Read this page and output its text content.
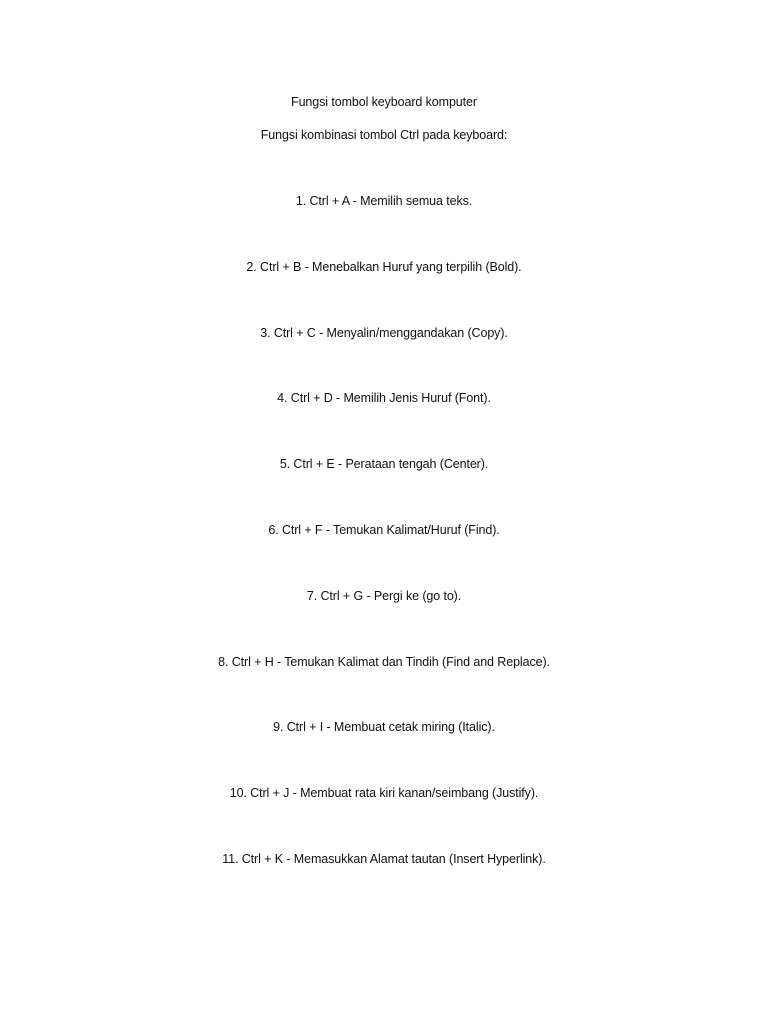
Fungsi tombol keyboard komputer
Fungsi kombinasi tombol Ctrl pada keyboard:
1. Ctrl + A - Memilih semua teks.
2. Ctrl + B - Menebalkan Huruf yang terpilih (Bold).
3. Ctrl + C - Menyalin/menggandakan (Copy).
4. Ctrl + D - Memilih Jenis Huruf (Font).
5. Ctrl + E - Perataan tengah (Center).
6. Ctrl + F - Temukan Kalimat/Huruf (Find).
7. Ctrl + G - Pergi ke (go to).
8. Ctrl + H - Temukan Kalimat dan Tindih (Find and Replace).
9. Ctrl + I - Membuat cetak miring (Italic).
10. Ctrl + J - Membuat rata kiri kanan/seimbang (Justify).
11. Ctrl + K - Memasukkan Alamat tautan (Insert Hyperlink).
